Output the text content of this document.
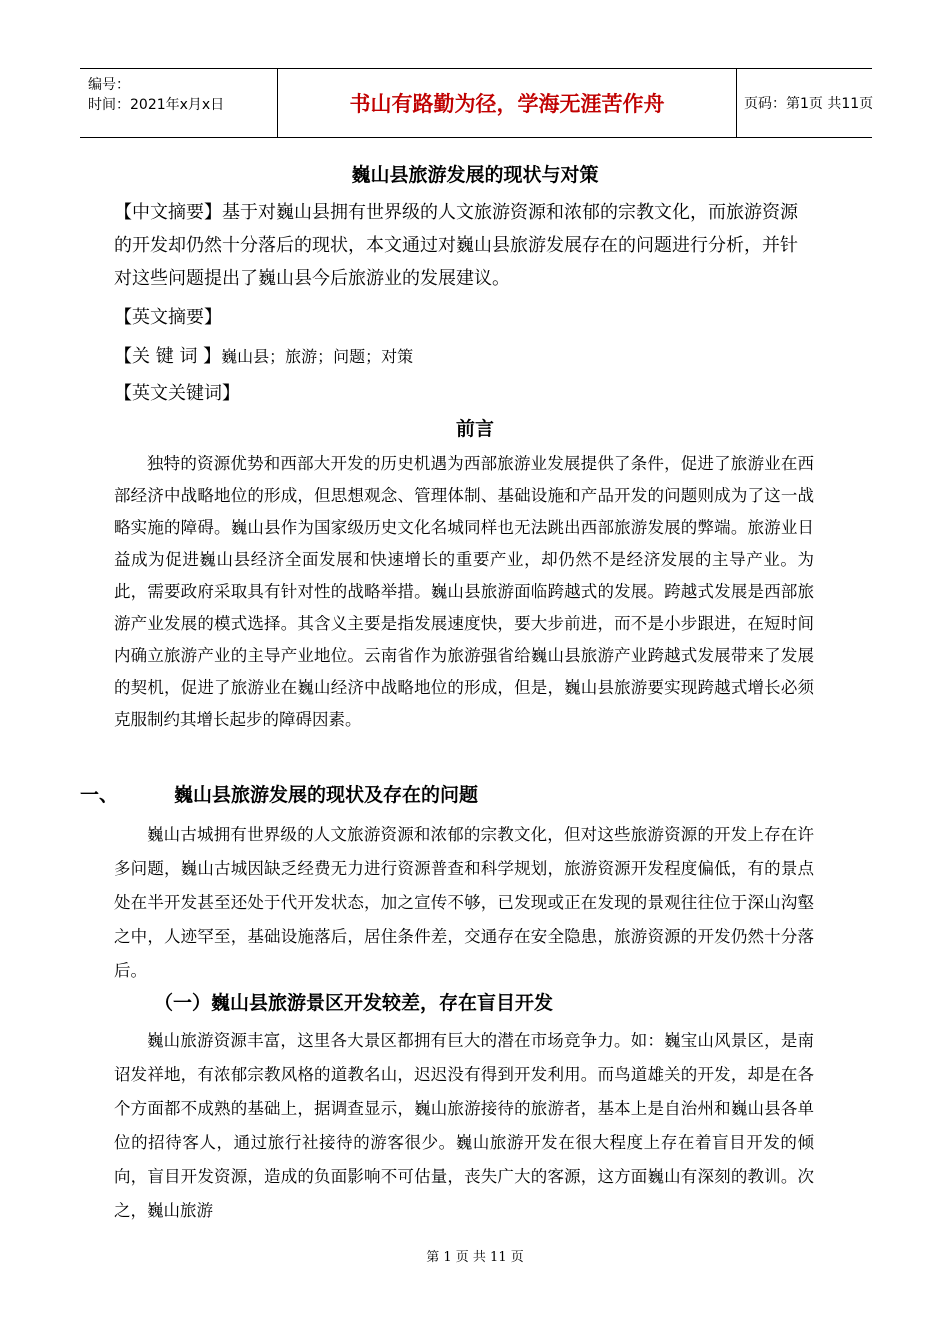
编号：
时间：2021年x月x日	书山有路勤为径，学海无涯苦作舟	页码：第1页 共11页
巍山县旅游发展的现状与对策

【中文摘要】基于对巍山县拥有世界级的人文旅游资源和浓郁的宗教文化，而旅游资源的开发却仍然十分落后的现状，本文通过对巍山县旅游发展存在的问题进行分析，并针对这些问题提出了巍山县今后旅游业的发展建议。

【英文摘要】

【关 键 词 】巍山县；旅游；问题；对策

【英文关键词】

前言

独特的资源优势和西部大开发的历史机遇为西部旅游业发展提供了条件，促进了旅游业在西部经济中战略地位的形成，但思想观念、管理体制、基础设施和产品开发的问题则成为了这一战略实施的障碍。巍山县作为国家级历史文化名城同样也无法跳出西部旅游发展的弊端。旅游业日益成为促进巍山县经济全面发展和快速增长的重要产业，却仍然不是经济发展的主导产业。为此，需要政府采取具有针对性的战略举措。巍山县旅游面临跨越式的发展。跨越式发展是西部旅游产业发展的模式选择。其含义主要是指发展速度快，要大步前进，而不是小步跟进，在短时间内确立旅游产业的主导产业地位。云南省作为旅游强省给巍山县旅游产业跨越式发展带来了发展的契机，促进了旅游业在巍山经济中战略地位的形成，但是，巍山县旅游要实现跨越式增长必须克服制约其增长起步的障碍因素。

一、	巍山县旅游发展的现状及存在的问题

巍山古城拥有世界级的人文旅游资源和浓郁的宗教文化，但对这些旅游资源的开发上存在许多问题，巍山古城因缺乏经费无力进行资源普查和科学规划，旅游资源开发程度偏低，有的景点处在半开发甚至还处于代开发状态，加之宣传不够，已发现或正在发现的景观往往位于深山沟壑之中，人迹罕至，基础设施落后，居住条件差，交通存在安全隐患，旅游资源的开发仍然十分落后。

（一）巍山县旅游景区开发较差，存在盲目开发

巍山旅游资源丰富，这里各大景区都拥有巨大的潜在市场竞争力。如：巍宝山风景区，是南诏发祥地，有浓郁宗教风格的道教名山，迟迟没有得到开发利用。而鸟道雄关的开发，却是在各个方面都不成熟的基础上，据调查显示，巍山旅游接待的旅游者，基本上是自治州和巍山县各单位的招待客人，通过旅行社接待的游客很少。巍山旅游开发在很大程度上存在着盲目开发的倾向，盲目开发资源，造成的负面影响不可估量，丧失广大的客源，这方面巍山有深刻的教训。次之，巍山旅游

第 1 页 共 11 页
